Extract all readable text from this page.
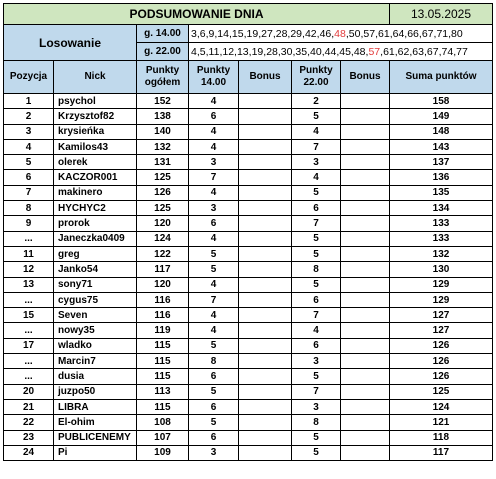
PODSUMOWANIE DNIA							13.05.2025
Losowanie		g. 14.00	3,6,9,14,15,19,27,28,29,42,46,48,50,57,61,64,66,67,71,80				
		g. 22.00	4,5,11,12,13,19,28,30,35,40,44,45,48,57,61,62,63,67,74,77				
Pozycja	Nick	Punkty ogółem	Punkty 14.00	Bonus	Punkty 22.00	Bonus	Suma punktów
1	psychol	152	4		2		158
2	Krzysztof82	138	6		5		149
3	krysieńka	140	4		4		148
4	Kamilos43	132	4		7		143
5	olerek	131	3		3		137
6	KACZOR001	125	7		4		136
7	makinero	126	4		5		135
8	HYCHYC2	125	3		6		134
9	prorok	120	6		7		133
...	Janeczka0409	124	4		5		133
11	greg	122	5		5		132
12	Janko54	117	5		8		130
13	sony71	120	4		5		129
...	cygus75	116	7		6		129
15	Seven	116	4		7		127
...	nowy35	119	4		4		127
17	wladko	115	5		6		126
...	Marcin7	115	8		3		126
...	dusia	115	6		5		126
20	juzpo50	113	5		7		125
21	LIBRA	115	6		3		124
22	El-ohim	108	5		8		121
23	PUBLICENEMY	107	6		5		118
24	Pi	109	3		5		117
